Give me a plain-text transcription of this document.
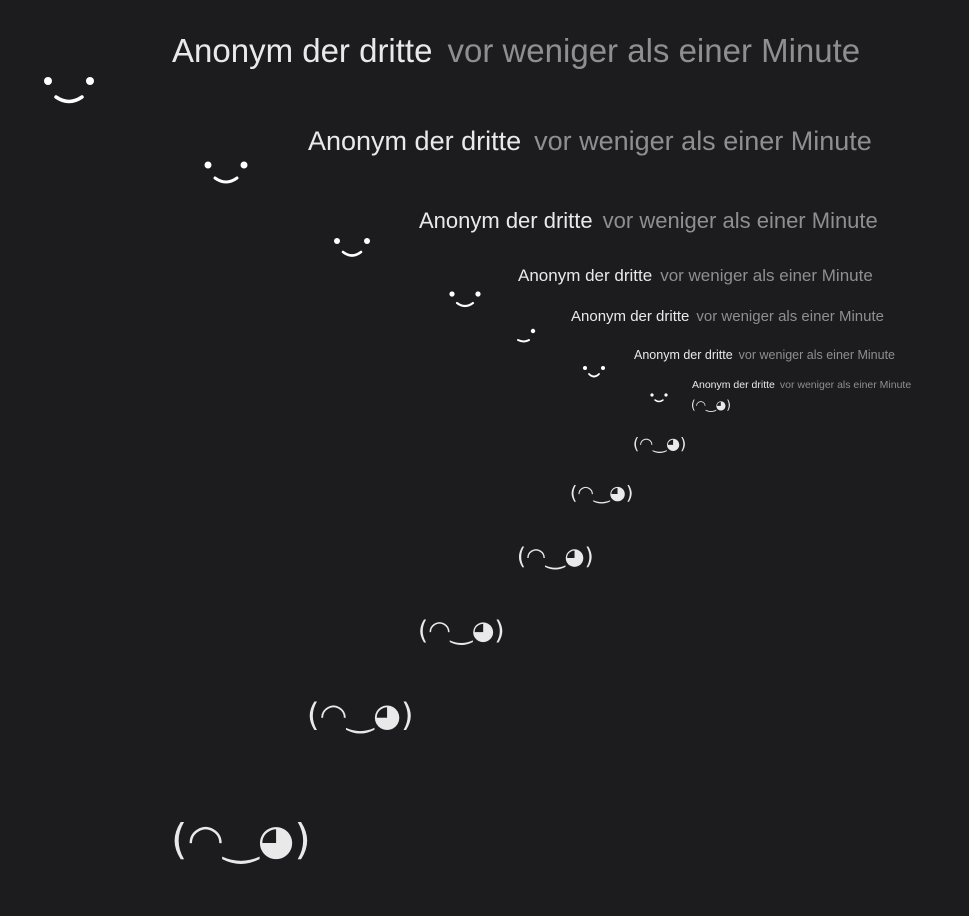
Anonym der dritte vor weniger als einer Minute
Anonym der dritte vor weniger als einer Minute
Anonym der dritte vor weniger als einer Minute
Anonym der dritte vor weniger als einer Minute
Anonym der dritte vor weniger als einer Minute
Anonym der dritte vor weniger als einer Minute
Anonym der dritte vor weniger als einer Minute
(◠‿◕)
(◠‿◕)
(◠‿◕)
(◠‿◕)
(◠‿◕)
(◠‿◕)
(◠‿◕)
